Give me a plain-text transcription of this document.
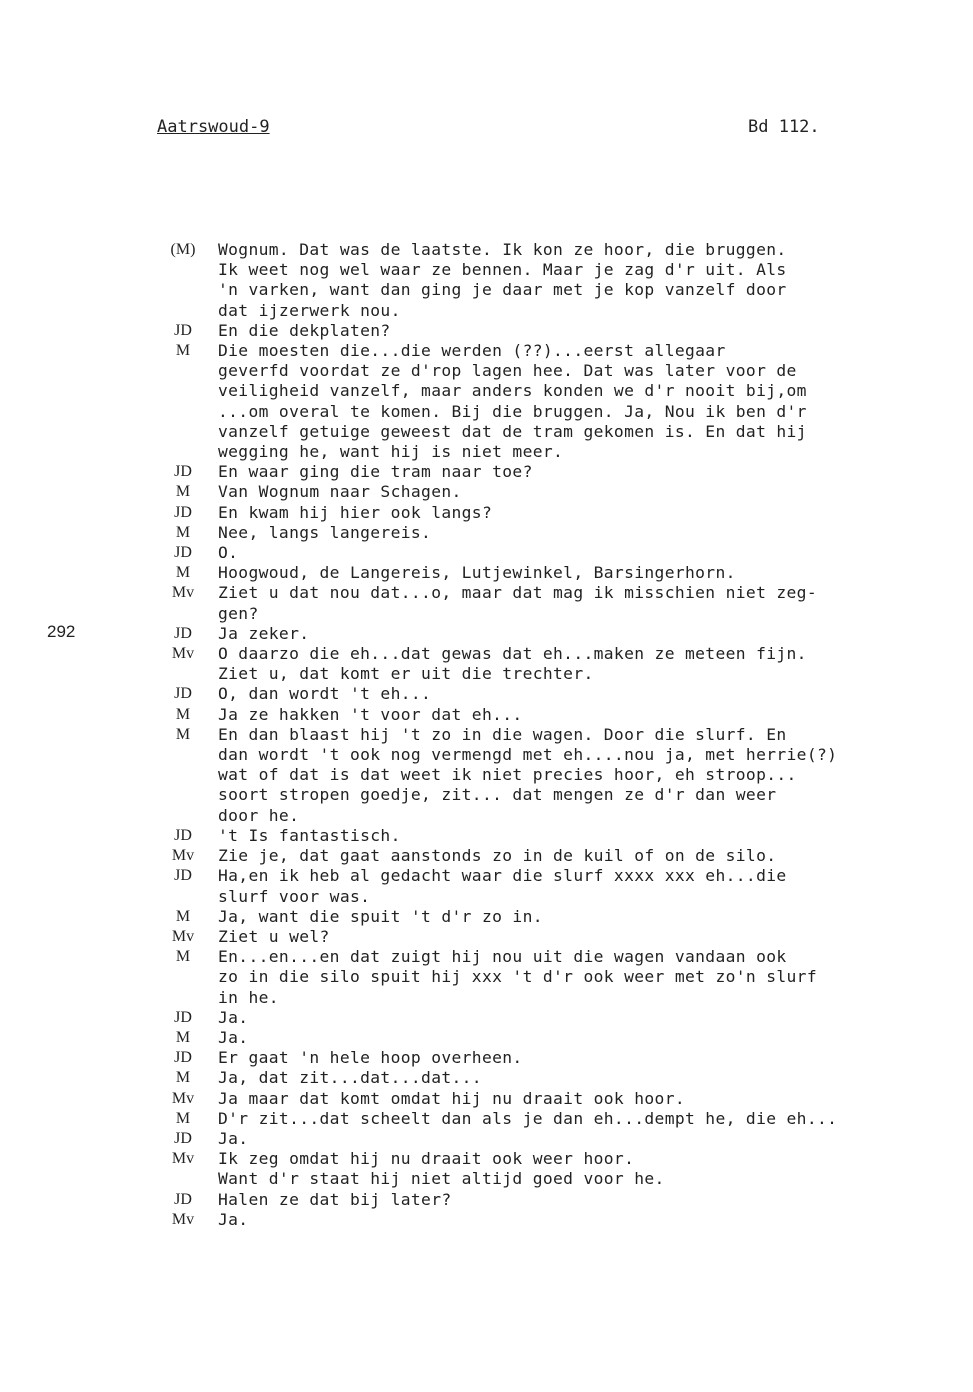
Aatrswoud-9	Bd 112.
292
(M)	Wognum. Dat was de laatste. Ik kon ze hoor, die bruggen.
Ik weet nog wel waar ze bennen. Maar je zag d'r uit. Als
'n varken, want dan ging je daar met je kop vanzelf door
dat ijzerwerk nou.
JD	En die dekplaten?
M	Die moesten die...die werden (??)...eerst allegaar
geverfd voordat ze d'rop lagen hee. Dat was later voor de
veiligheid vanzelf, maar anders konden we d'r nooit bij,om
...om overal te komen. Bij die bruggen. Ja, Nou ik ben d'r
vanzelf getuige geweest dat de tram gekomen is. En dat hij
wegging he, want hij is niet meer.
JD	En waar ging die tram naar toe?
M	Van Wognum naar Schagen.
JD	En kwam hij hier ook langs?
M	Nee, langs langereis.
JD	O.
M	Hoogwoud, de Langereis, Lutjewinkel, Barsingerhorn.
Mv	Ziet u dat nou dat...o, maar dat mag ik misschien niet zeg-
gen?
JD	Ja zeker.
Mv	O daarzo die eh...dat gewas dat eh...maken ze meteen fijn.
Ziet u, dat komt er uit die trechter.
JD	O, dan wordt 't eh...
M	Ja ze hakken 't voor dat eh...
M	En dan blaast hij 't zo in die wagen. Door die slurf. En
dan wordt 't ook nog vermengd met eh....nou ja, met herrie(?)
wat of dat is dat weet ik niet precies hoor, eh stroop...
soort stropen goedje, zit... dat mengen ze d'r dan weer
door he.
JD	't Is fantastisch.
Mv	Zie je, dat gaat aanstonds zo in de kuil of on de silo.
JD	Ha,en ik heb al gedacht waar die slurf xxxx xxx eh...die
slurf voor was.
M	Ja, want die spuit 't d'r zo in.
Mv	Ziet u wel?
M	En...en...en dat zuigt hij nou uit die wagen vandaan ook
zo in die silo spuit hij xxx 't d'r ook weer met zo'n slurf
in he.
JD	Ja.
M	Ja.
JD	Er gaat 'n hele hoop overheen.
M	Ja, dat zit...dat...dat...
Mv	Ja maar dat komt omdat hij nu draait ook hoor.
M	D'r zit...dat scheelt dan als je dan eh...dempt he, die eh...
JD	Ja.
Mv	Ik zeg omdat hij nu draait ook weer hoor.
Want d'r staat hij niet altijd goed voor he.
JD	Halen ze dat bij later?
Mv	Ja.
